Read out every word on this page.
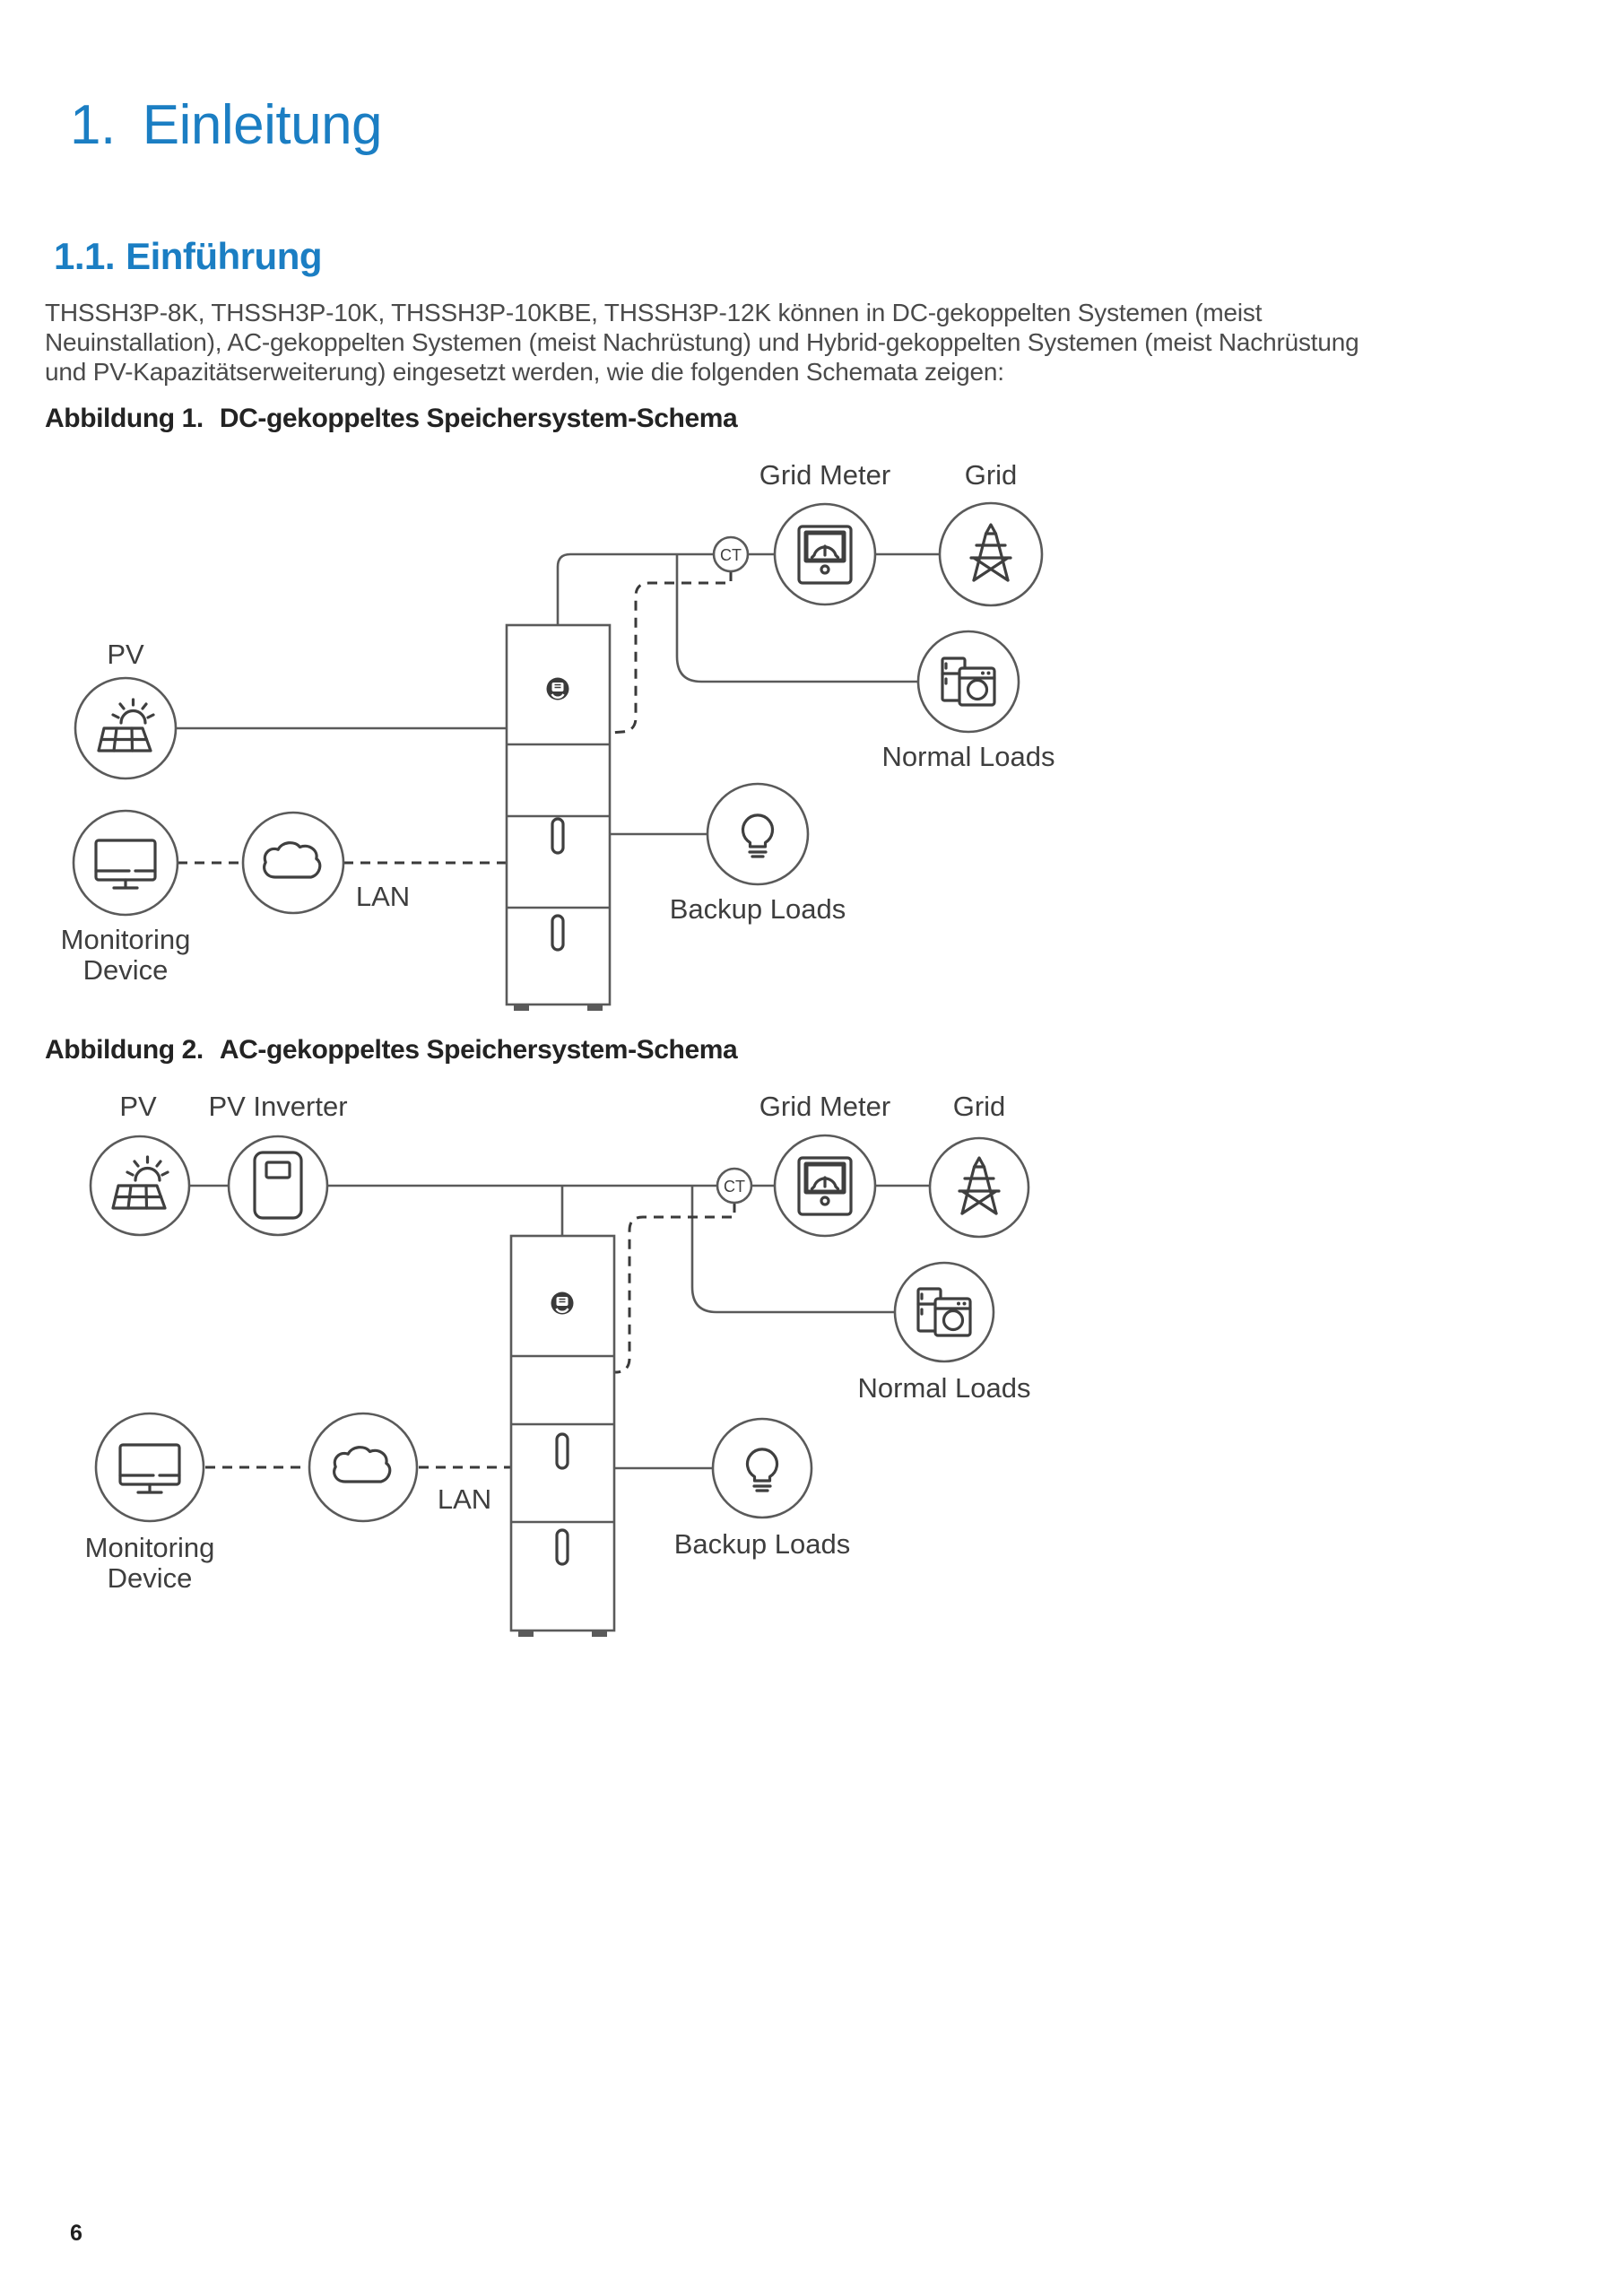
1. Einleitung
1.1. Einführung
THSSH3P-8K, THSSH3P-10K, THSSH3P-10KBE, THSSH3P-12K können in DC-gekoppelten Systemen (meist
Neuinstallation), AC-gekoppelten Systemen (meist Nachrüstung) und Hybrid-gekoppelten Systemen (meist Nachrüstung
und PV-Kapazitätserweiterung) eingesetzt werden, wie die folgenden Schemata zeigen:
Abbildung 1. DC-gekoppeltes Speichersystem-Schema
PV
CT
Grid Meter	Grid
Normal Loads
Backup Loads
Monitoring
Device
LAN
Abbildung 2. AC-gekoppeltes Speichersystem-Schema
PV PV Inverter
CT
Grid Meter Grid
Normal Loads
Backup Loads
Monitoring
Device
LAN
6
